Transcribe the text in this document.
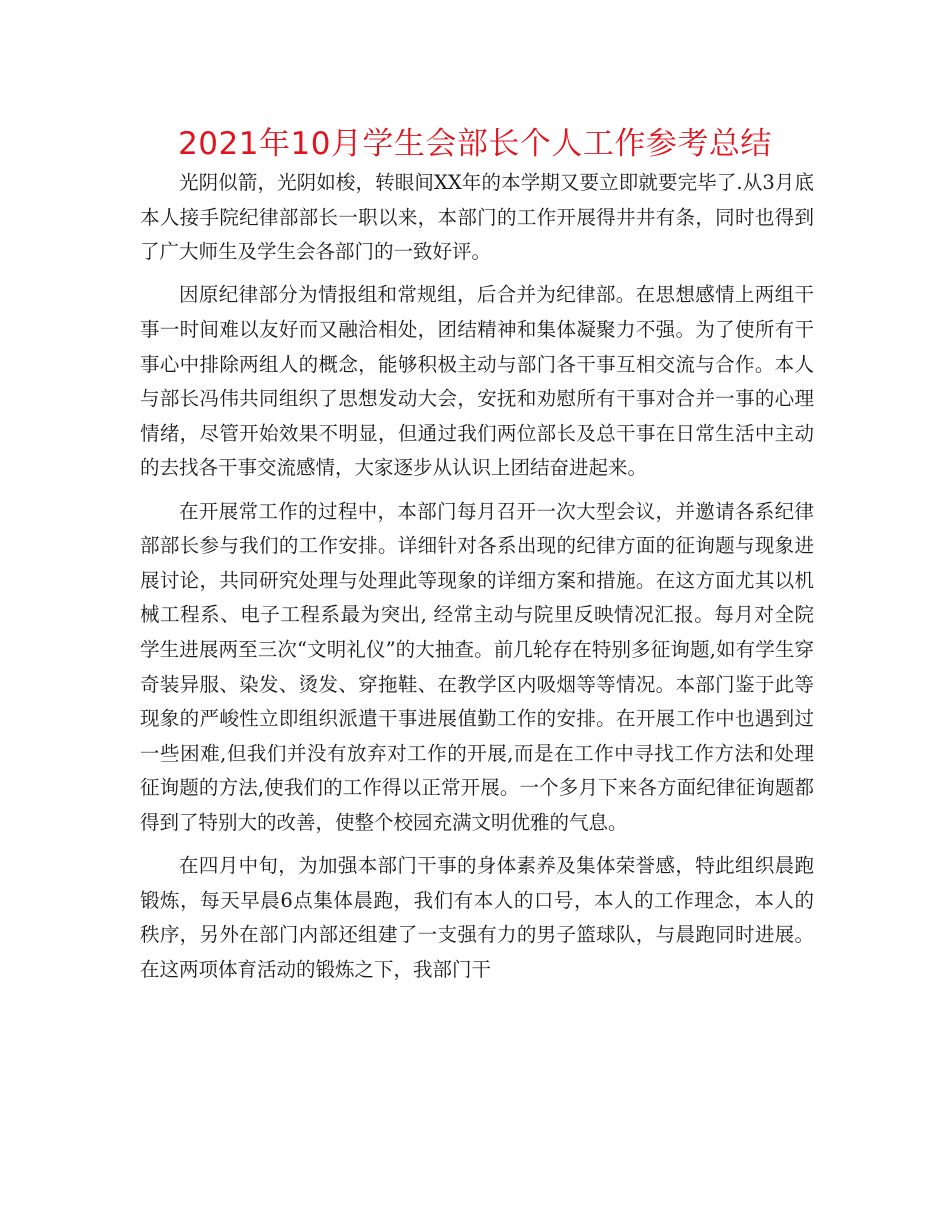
2021年10月学生会部长个人工作参考总结

光阴似箭，光阴如梭，转眼间XX年的本学期又要立即就要完毕了.从3月底本人接手院纪律部部长一职以来，本部门的工作开展得井井有条，同时也得到了广大师生及学生会各部门的一致好评。

因原纪律部分为情报组和常规组，后合并为纪律部。在思想感情上两组干事一时间难以友好而又融洽相处，团结精神和集体凝聚力不强。为了使所有干事心中排除两组人的概念，能够积极主动与部门各干事互相交流与合作。本人与部长冯伟共同组织了思想发动大会，安抚和劝慰所有干事对合并一事的心理情绪，尽管开始效果不明显，但通过我们两位部长及总干事在日常生活中主动的去找各干事交流感情，大家逐步从认识上团结奋进起来。

在开展常工作的过程中，本部门每月召开一次大型会议，并邀请各系纪律部部长参与我们的工作安排。详细针对各系出现的纪律方面的征询题与现象进展讨论，共同研究处理与处理此等现象的详细方案和措施。在这方面尤其以机械工程系、电子工程系最为突出, 经常主动与院里反映情况汇报。每月对全院学生进展两至三次“文明礼仪”的大抽查。前几轮存在特别多征询题,如有学生穿奇装异服、染发、烫发、穿拖鞋、在教学区内吸烟等等情况。本部门鉴于此等现象的严峻性立即组织派遣干事进展值勤工作的安排。在开展工作中也遇到过一些困难,但我们并没有放弃对工作的开展,而是在工作中寻找工作方法和处理征询题的方法,使我们的工作得以正常开展。一个多月下来各方面纪律征询题都得到了特别大的改善，使整个校园充满文明优雅的气息。

在四月中旬，为加强本部门干事的身体素养及集体荣誉感，特此组织晨跑锻炼，每天早晨6点集体晨跑，我们有本人的口号，本人的工作理念，本人的秩序，另外在部门内部还组建了一支强有力的男子篮球队，与晨跑同时进展。在这两项体育活动的锻炼之下，我部门干
